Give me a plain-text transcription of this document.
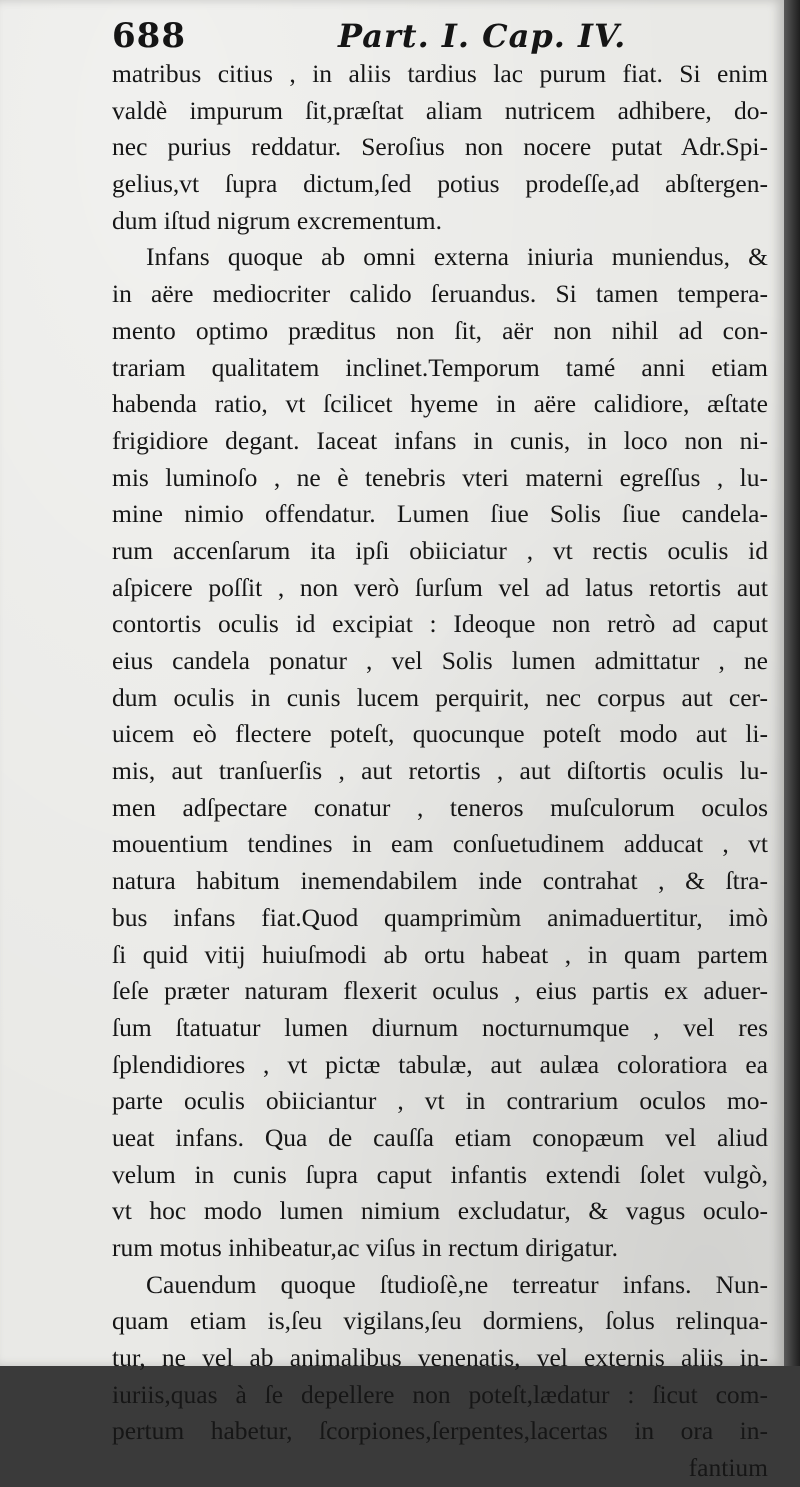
688	Part. I. Cap. IV.
matribus citius , in aliis tardius lac purum fiat. Si enim
valdè impurum ſit,præſtat aliam nutricem adhibere, do-
nec purius reddatur. Seroſius non nocere putat Adr.Spi-
gelius,vt ſupra dictum,ſed potius prodeſſe,ad abſtergen-
dum iſtud nigrum excrementum.
Infans quoque ab omni externa iniuria muniendus, &
in aëre mediocriter calido ſeruandus. Si tamen tempera-
mento optimo præditus non ſit, aër non nihil ad con-
trariam qualitatem inclinet.Temporum tamé anni etiam
habenda ratio, vt ſcilicet hyeme in aëre calidiore, æſtate
frigidiore degant. Iaceat infans in cunis, in loco non ni-
mis luminoſo , ne è tenebris vteri materni egreſſus , lu-
mine nimio offendatur. Lumen ſiue Solis ſiue candela-
rum accenſarum ita ipſi obiiciatur , vt rectis oculis id
aſpicere poſſit , non verò ſurſum vel ad latus retortis aut
contortis oculis id excipiat : Ideoque non retrò ad caput
eius candela ponatur , vel Solis lumen admittatur , ne
dum oculis in cunis lucem perquirit, nec corpus aut cer-
uicem eò flectere poteſt, quocunque poteſt modo aut li-
mis, aut tranſuerſis , aut retortis , aut diſtortis oculis lu-
men adſpectare conatur , teneros muſculorum oculos
mouentium tendines in eam conſuetudinem adducat , vt
natura habitum inemendabilem inde contrahat , & ſtra-
bus infans fiat.Quod quamprimùm animaduertitur, imò
ſi quid vitij huiuſmodi ab ortu habeat , in quam partem
ſeſe præter naturam flexerit oculus , eius partis ex aduer-
ſum ſtatuatur lumen diurnum nocturnumque , vel res
ſplendidiores , vt pictæ tabulæ, aut aulæa coloratiora ea
parte oculis obiiciantur , vt in contrarium oculos mo-
ueat infans. Qua de cauſſa etiam conopæum vel aliud
velum in cunis ſupra caput infantis extendi ſolet vulgò,
vt hoc modo lumen nimium excludatur, & vagus oculo-
rum motus inhibeatur,ac viſus in rectum dirigatur.
Cauendum quoque ſtudioſè,ne terreatur infans. Nun-
quam etiam is,ſeu vigilans,ſeu dormiens, ſolus relinqua-
tur, ne vel ab animalibus venenatis, vel externis aliis in-
iuriis,quas à ſe depellere non poteſt,lædatur : ſicut com-
pertum habetur, ſcorpiones,ſerpentes,lacertas in ora in-
fantium
